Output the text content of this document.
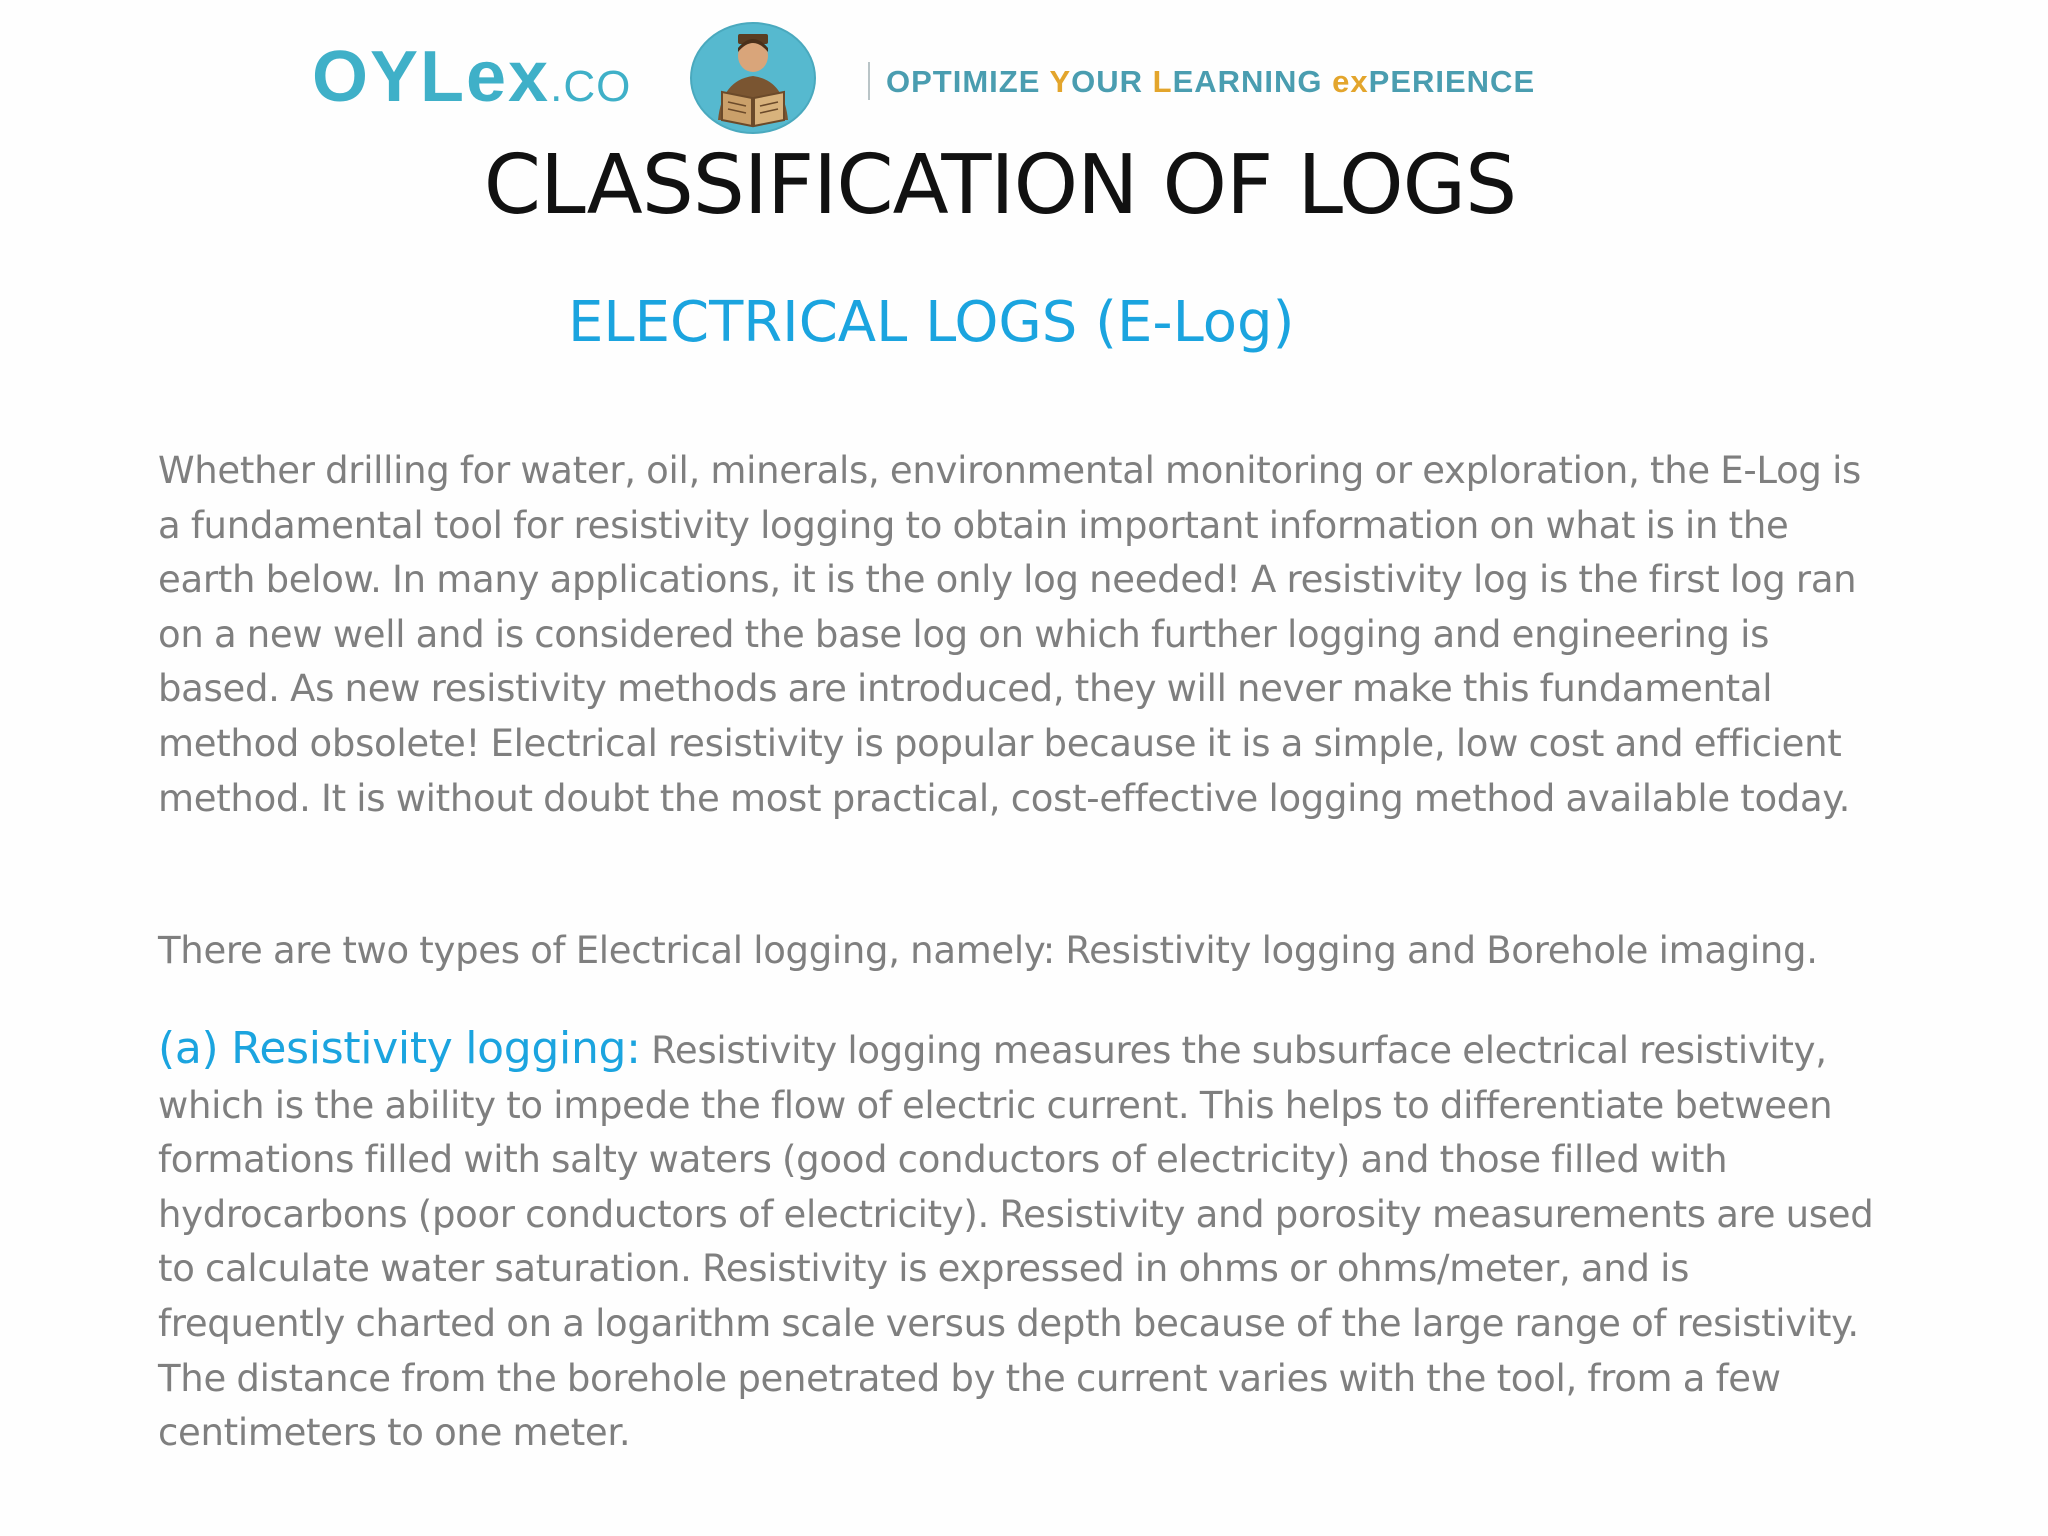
OYLex.CO	OPTIMIZE YOUR LEARNING exPERIENCE
CLASSIFICATION OF LOGS
ELECTRICAL LOGS (E-Log)
Whether drilling for water, oil, minerals, environmental monitoring or exploration, the E-Log is a fundamental tool for resistivity logging to obtain important information on what is in the earth below. In many applications, it is the only log needed! A resistivity log is the first log ran on a new well and is considered the base log on which further logging and engineering is based. As new resistivity methods are introduced, they will never make this fundamental method obsolete! Electrical resistivity is popular because it is a simple, low cost and efficient method. It is without doubt the most practical, cost-effective logging method available today.
There are two types of Electrical logging, namely: Resistivity logging and Borehole imaging.
(a) Resistivity logging: Resistivity logging measures the subsurface electrical resistivity, which is the ability to impede the flow of electric current. This helps to differentiate between formations filled with salty waters (good conductors of electricity) and those filled with hydrocarbons (poor conductors of electricity). Resistivity and porosity measurements are used to calculate water saturation. Resistivity is expressed in ohms or ohms/meter, and is frequently charted on a logarithm scale versus depth because of the large range of resistivity. The distance from the borehole penetrated by the current varies with the tool, from a few centimeters to one meter.
